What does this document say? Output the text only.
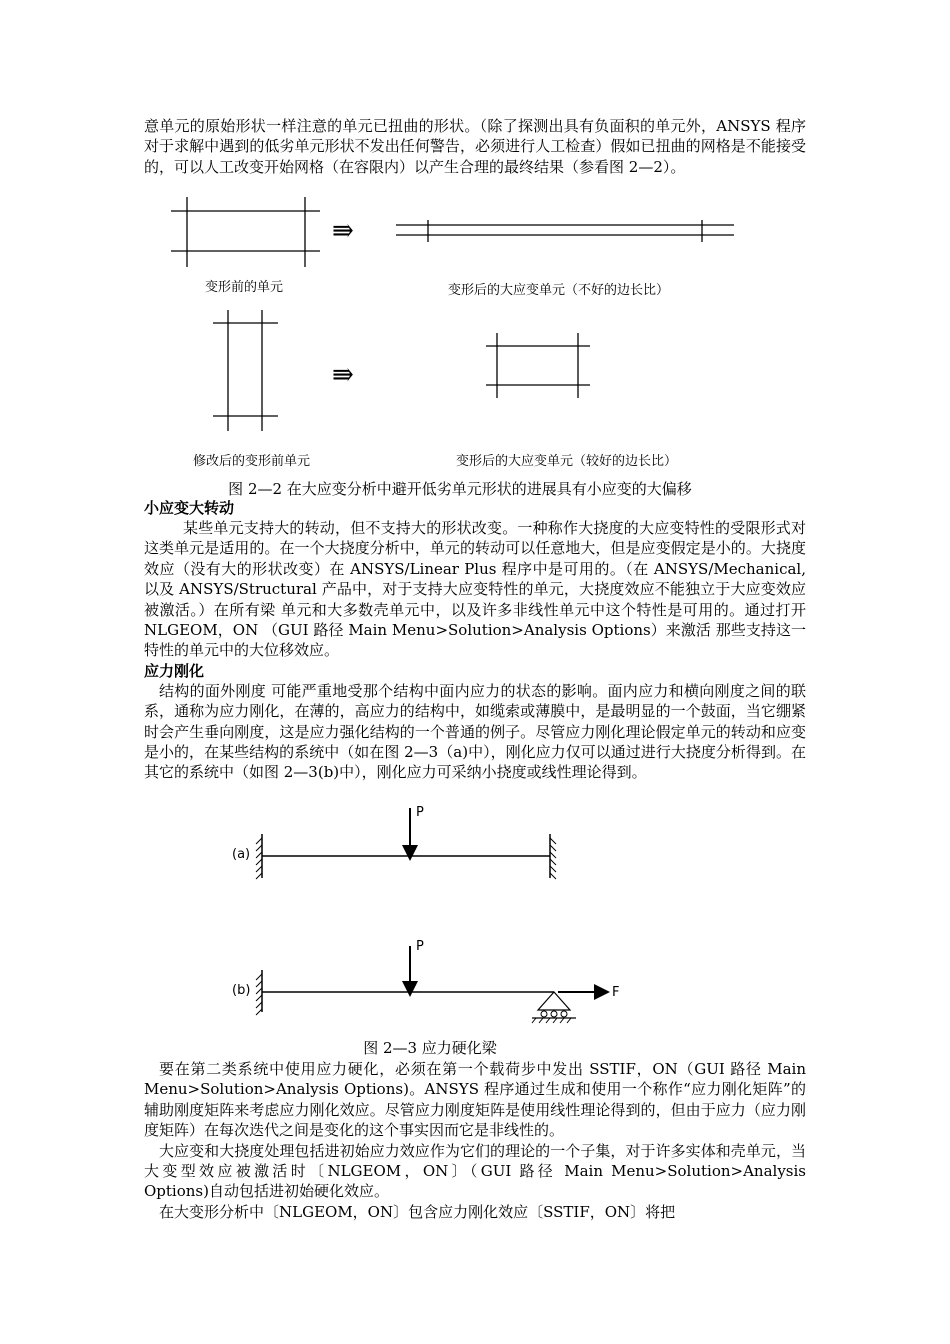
意单元的原始形状一样注意的单元已扭曲的形状。（除了探测出具有负面积的单元外，ANSYS 程序对于求解中遇到的低劣单元形状不发出任何警告，必须进行人工检查）假如已扭曲的网格是不能接受的，可以人工改变开始网格（在容限内）以产生合理的最终结果（参看图 2—2）。

⇛
⇛
变形前的单元	变形后的大应变单元（不好的边长比）
修改后的变形前单元	变形后的大应变单元（较好的边长比）
图 2—2 在大应变分析中避开低劣单元形状的进展具有小应变的大偏移
小应变大转动

某些单元支持大的转动，但不支持大的形状改变。一种称作大挠度的大应变特性的受限形式对这类单元是适用的。在一个大挠度分析中，单元的转动可以任意地大，但是应变假定是小的。大挠度效应（没有大的形状改变）在 ANSYS/Linear Plus 程序中是可用的。（在 ANSYS/Mechanical,以及 ANSYS/Structural 产品中，对于支持大应变特性的单元，大挠度效应不能独立于大应变效应被激活。）在所有梁 单元和大多数壳单元中，以及许多非线性单元中这个特性是可用的。通过打开 NLGEOM，ON （GUI 路径 Main Menu>Solution>Analysis Options）来激活 那些支持这一特性的单元中的大位移效应。

应力刚化

结构的面外刚度 可能严重地受那个结构中面内应力的状态的影响。面内应力和横向刚度之间的联系，通称为应力刚化，在薄的，高应力的结构中，如缆索或薄膜中，是最明显的一个鼓面，当它绷紧时会产生垂向刚度，这是应力强化结构的一个普通的例子。尽管应力刚化理论假定单元的转动和应变是小的，在某些结构的系统中（如在图 2—3（a)中），刚化应力仅可以通过进行大挠度分析得到。在其它的系统中（如图 2—3(b)中），刚化应力可采纳小挠度或线性理论得到。

(a)
P
(b)
P
F
图 2—3 应力硬化梁

要在第二类系统中使用应力硬化，必须在第一个载荷步中发出 SSTIF，ON（GUI 路径 Main Menu>Solution>Analysis Options)。ANSYS 程序通过生成和使用一个称作“应力刚化矩阵”的辅助刚度矩阵来考虑应力刚化效应。尽管应力刚度矩阵是使用线性理论得到的，但由于应力（应力刚度矩阵）在每次迭代之间是变化的这个事实因而它是非线性的。

大应变和大挠度处理包括进初始应力效应作为它们的理论的一个子集，对于许多实体和壳单元，当大变型效应被激活时〔NLGEOM，ON〕（GUI 路径 Main Menu>Solution>Analysis Options)自动包括进初始硬化效应。

在大变形分析中〔NLGEOM，ON〕包含应力刚化效应〔SSTIF，ON〕将把
